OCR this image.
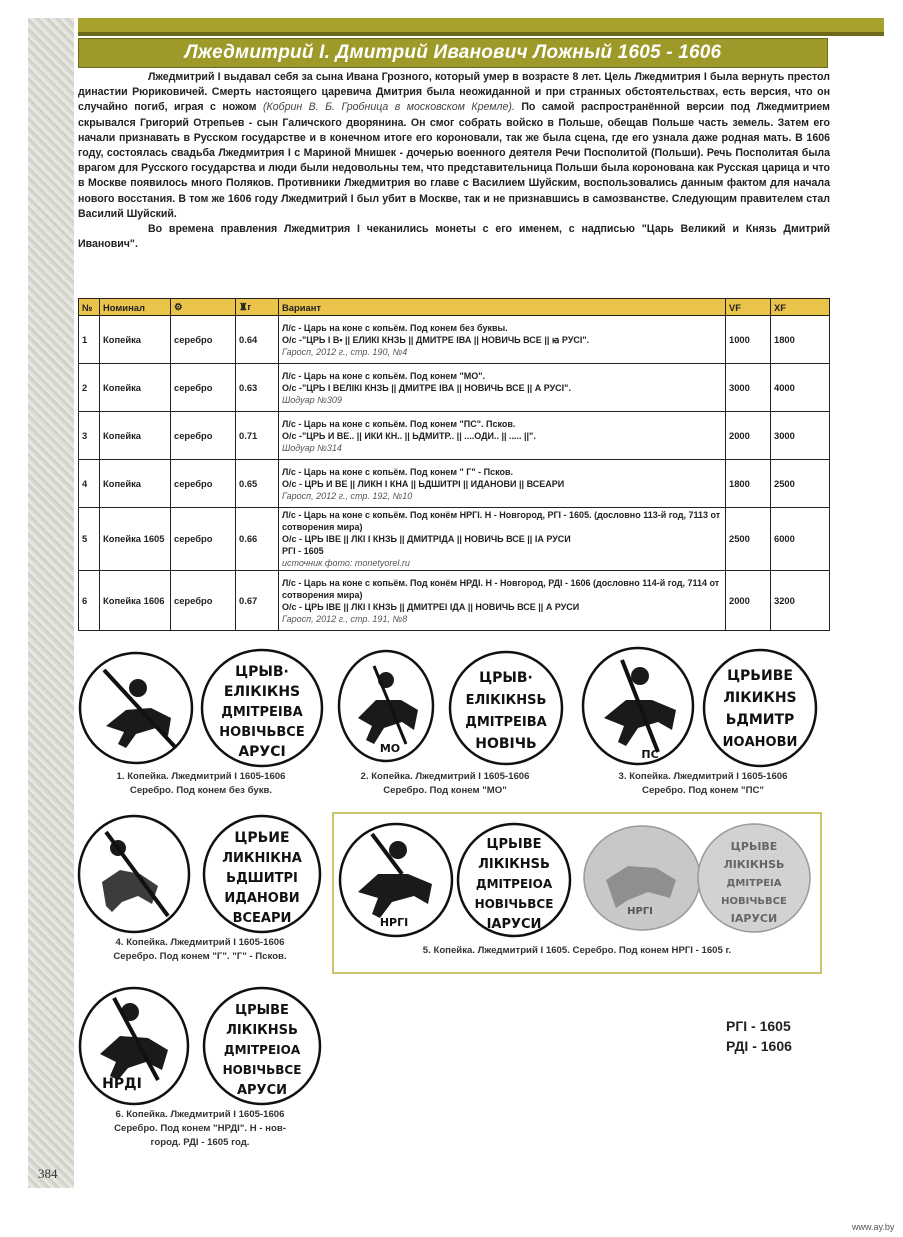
Лжедмитрий I. Дмитрий Иванович Ложный 1605 - 1606

Лжедмитрий I выдавал себя за сына Ивана Грозного, который умер в возрасте 8 лет. Цель Лжедмитрия I была вернуть престол династии Рюриковичей. Смерть настоящего царевича Дмитрия была неожиданной и при странных обстоятельствах, есть версия, что он случайно погиб, играя с ножом (Кобрин В. Б. Гробница в московском Кремле). По самой распространённой версии под Лжедмитрием скрывался Григорий Отрепьев - сын Галичского дворянина. Он смог собрать войско в Польше, обещав Польше часть земель. Затем его начали признавать в Русском государстве и в конечном итоге его короновали, так же была сцена, где его узнала даже родная мать. В 1606 году, состоялась свадьба Лжедмитрия I с Мариной Мнишек - дочерью военного деятеля Речи Посполитой (Польши). Речь Посполитая была врагом для Русского государства и люди были недовольны тем, что представительница Польши была коронована как Русская царица и что в Москве появилось много Поляков. Противники Лжедмитрия во главе с Василием Шуйским, воспользовались данным фактом для начала нового восстания. В том же 1606 году Лжедмитрий I был убит в Москве, так и не признавшись в самозванстве. Следующим правителем стал Василий Шуйский.

Во времена правления Лжедмитрия I чеканились монеты с его именем, с надписью "Царь Великий и Князь Дмитрий Иванович".

№	Номинал	⚙	♜г	Вариант	VF	XF
1	Копейка	серебро	0.64	Л/с - Царь на коне с копьём. Под конем без буквы.
О/с -"ЦРЬ I В• || ЕЛИКІ КНЗЬ || ДМИТРЕ IВА || НОВИЧЬ ВСЕ || ꙗ РУСІ".
Гаросп, 2012 г., стр. 190, №4	1000	1800
2	Копейка	серебро	0.63	Л/с - Царь на коне с копьём. Под конем "МО".
О/с -"ЦРЬ I ВЕЛІКІ КНЗЬ || ДМИТРЕ IВА || НОВИЧЬ ВСЕ || А РУСІ".
Шодуар №309	3000	4000
3	Копейка	серебро	0.71	Л/с - Царь на коне с копьём. Под конем "ПС". Псков.
О/с -"ЦРЬ И ВЕ.. || ИКИ КН.. || ЬДМИТР.. || ....ОДИ.. || ..... ||".
Шодуар №314	2000	3000
4	Копейка	серебро	0.65	Л/с - Царь на коне с копьём. Под конем " Г" - Псков.
О/с - ЦРЬ И ВЕ || ЛИКН I КНА || ЬДШИТРI || ИДАНОВИ || ВСЕАРИ
Гаросп, 2012 г., стр. 192, №10	1800	2500
5	Копейка 1605	серебро	0.66	Л/с - Царь на коне с копьём. Под конём НРГI. Н - Новгород, РГI - 1605. (дословно 113-й год, 7113 от сотворения мира)
О/с - ЦРЬ IВЕ || ЛКІ I КНЗЬ || ДМИТРIДА || НОВИЧЬ ВСЕ || IА РУСИ
РГI - 1605
источник фото: monetyorel.ru	2500	6000
6	Копейка 1606	серебро	0.67	Л/с - Царь на коне с копьём. Под конём НРДI. Н - Новгород, РДI - 1606 (дословно 114-й год, 7114 от сотворения мира)
О/с - ЦРЬ IВЕ || ЛКІ I КНЗЬ || ДМИТРЕI IДА || НОВИЧЬ ВСЕ || А РУСИ
Гаросп, 2012 г., стр. 191, №8	2000	3200
ЦРЫВ·
ЕЛІКІКНЅ
ДМІТРЕІВА
НОВІЧЬВСЕ
АРУСІ
1. Копейка. Лжедмитрий I 1605-1606
Серебро. Под конем без букв.
МО
ЦРЫВ·
ЕЛІКІКНЅЬ
ДМІТРЕІВА
НОВІЧЬ
2. Копейка. Лжедмитрий I 1605-1606
Серебро. Под конем "МО"
ПС
ЦРЬИВЕ
ЛІКИКНЅ
ЬДМИТР
ИОАНОВИ
3. Копейка. Лжедмитрий I 1605-1606
Серебро. Под конем "ПС"
ЦРЬИЕ
ЛИКНІКНА
ЬДШИТРІ
ИДАНОВИ
ВСЕАРИ
4. Копейка. Лжедмитрий I 1605-1606
Серебро. Под конем "Г". "Г" - Псков.
НРГІ
ЦРЬІВЕ
ЛІКІКНЅЬ
ДМІТРЕІОА
НОВІЧЬВСЕ
ІАРУСИ
НРГІ
ЦРЬІВЕ
ЛІКІКНЅЬ
ДМІТРЕІА
НОВІЧЬВСЕ
ІАРУСИ
5. Копейка. Лжедмитрий I 1605. Серебро. Под конем НРГІ - 1605 г.
НРДІ
ЦРЫВЕ
ЛІКІКНЅЬ
ДМІТРЕІОА
НОВІЧЬВСЕ
АРУСИ
6. Копейка. Лжедмитрий I 1605-1606
Серебро. Под конем "НРДІ". Н - нов-
город. РДІ - 1605 год.
РГІ - 1605
РДІ - 1606
384
www.ay.by
